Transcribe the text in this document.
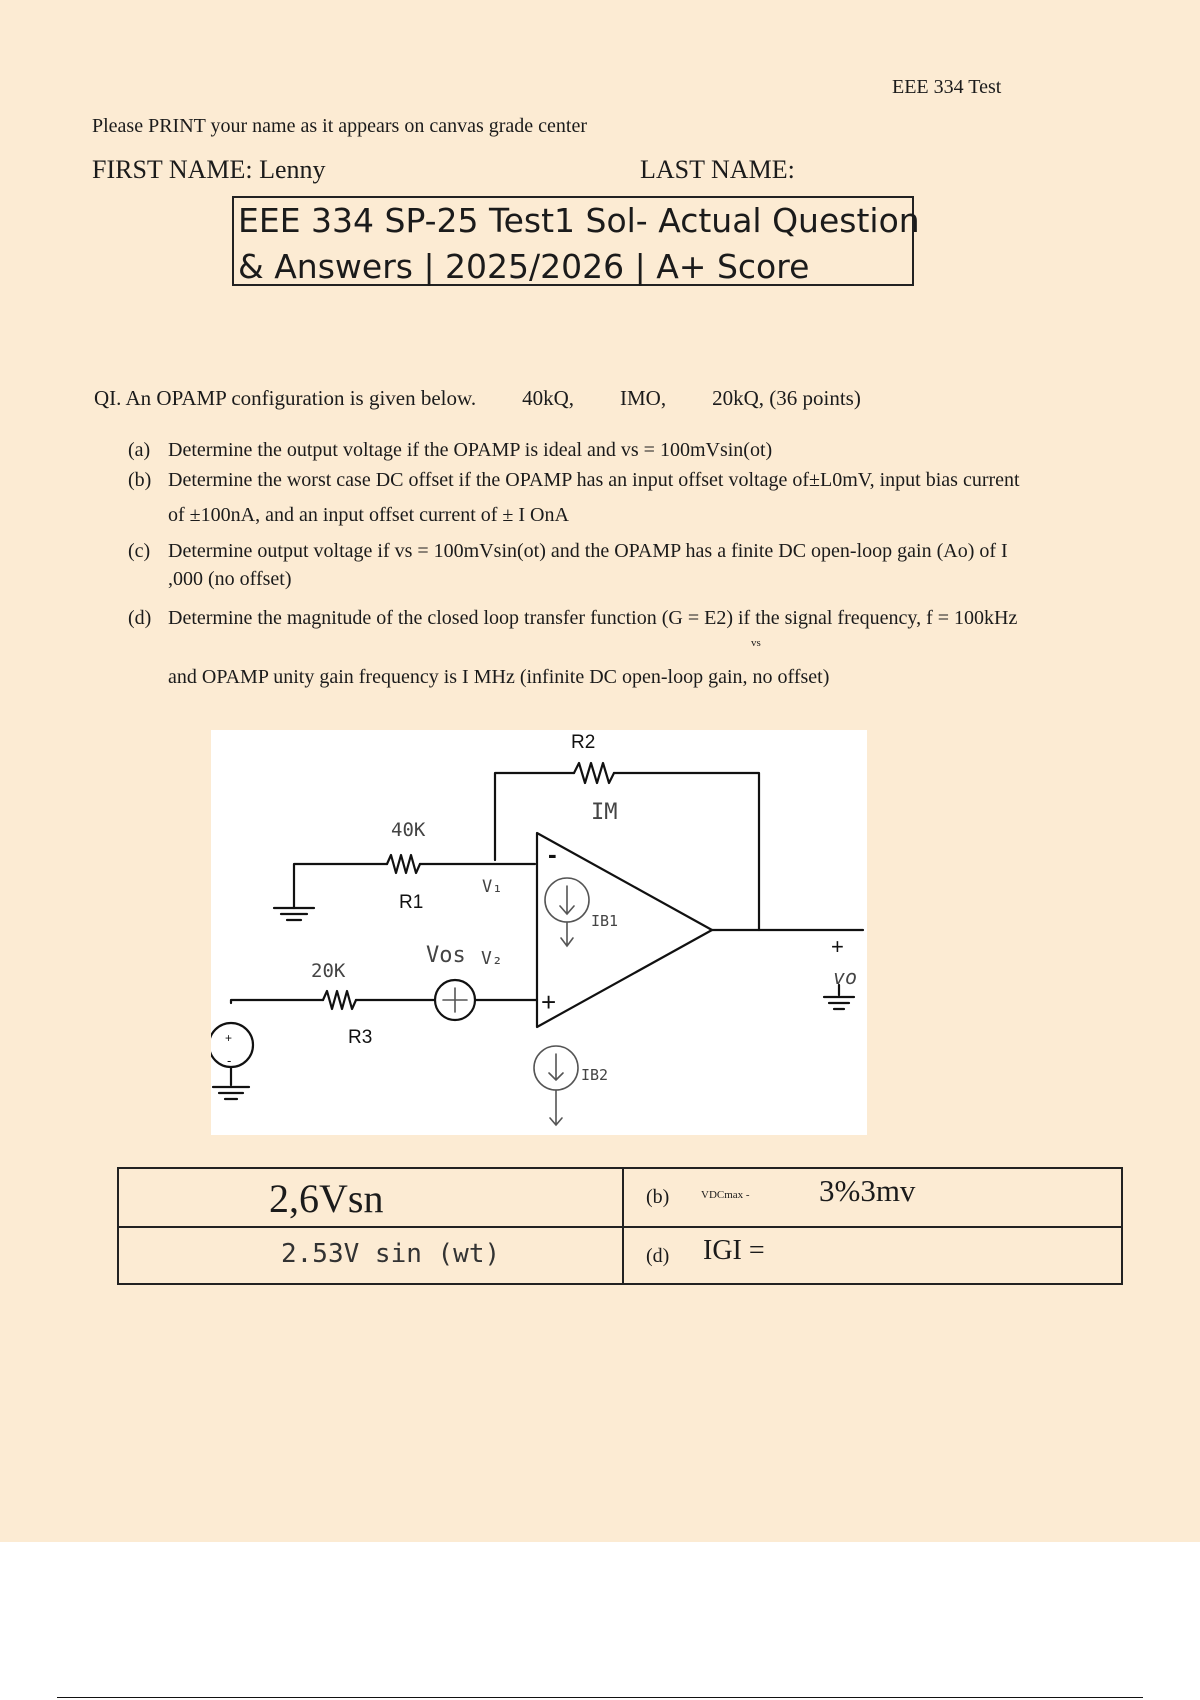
EEE 334 Test
Please PRINT your name as it appears on canvas grade center
FIRST NAME: Lenny	LAST NAME:
EEE 334 SP-25 Test1 Sol- Actual Question
& Answers | 2025/2026 | A+ Score
QI. An OPAMP configuration is given below. 40kQ, IMO, 20kQ, (36 points)
(a) Determine the output voltage if the OPAMP is ideal and vs = 100mVsin(ot)
(b) Determine the worst case DC offset if the OPAMP has an input offset voltage of±L0mV, input bias current
of ±100nA, and an input offset current of ± I OnA
(c) Determine output voltage if vs = 100mVsin(ot) and the OPAMP has a finite DC open-loop gain (Ao) of I
,000 (no offset)
(d) Determine the magnitude of the closed loop transfer function (G = E2) if the signal frequency, f = 100kHz
vs
and OPAMP unity gain frequency is I MHz (infinite DC open-loop gain, no offset)
R2
R1
R3
-
+
+
-
+
IM
40K
20K
V₁
Vos V₂
IB1
IB2
vo
2,6Vsn	(b)	VDCmax - 3%3mv
2.53V sin (wt)	(d) IGI =
